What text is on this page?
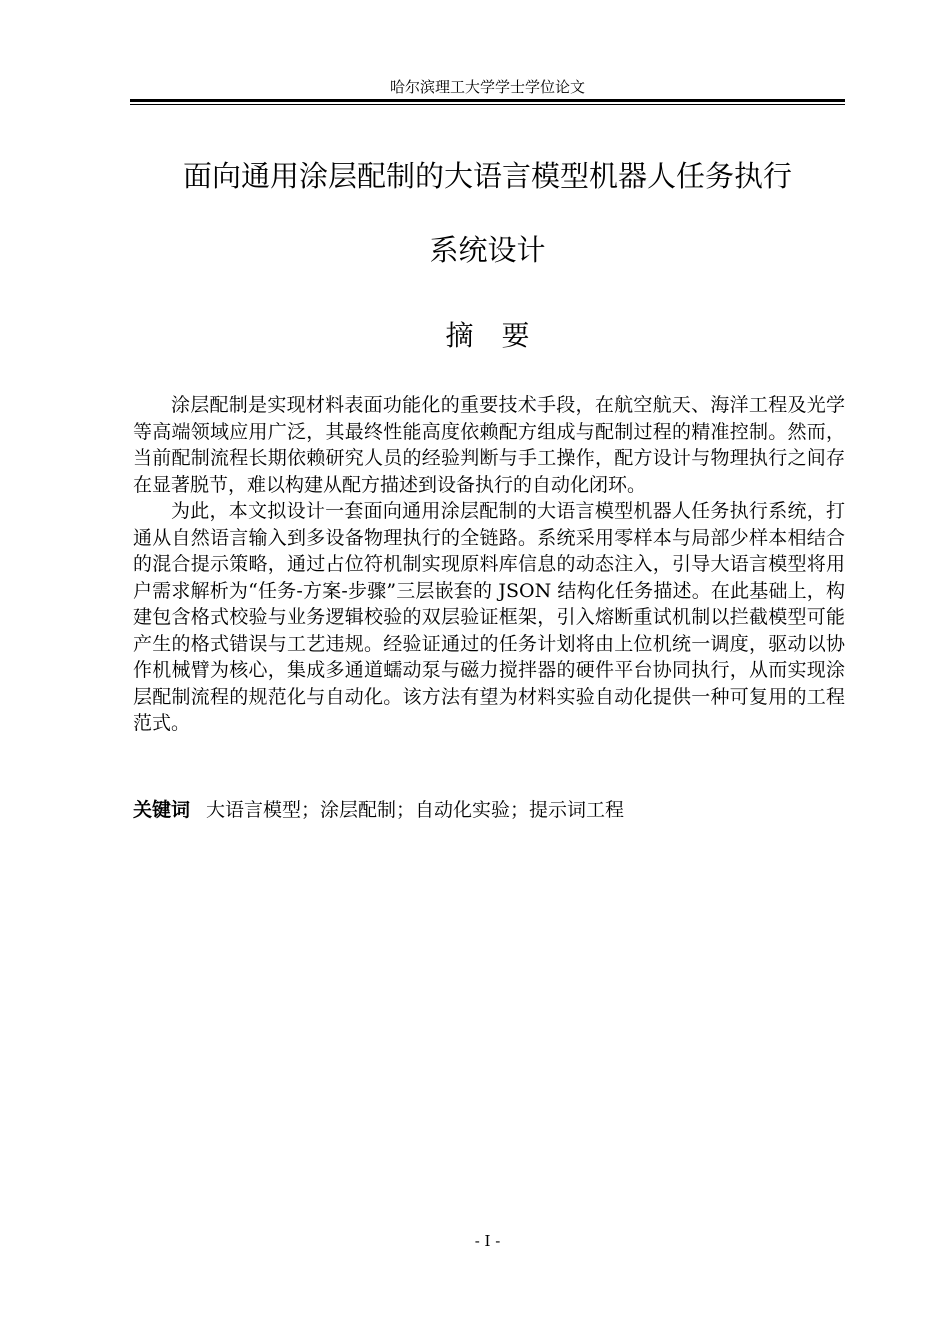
哈尔滨理工大学学士学位论文
面向通用涂层配制的大语言模型机器人任务执行
系统设计
摘要

涂层配制是实现材料表面功能化的重要技术手段，在航空航天、海洋工程及光学等高端领域应用广泛，其最终性能高度依赖配方组成与配制过程的精准控制。然而，当前配制流程长期依赖研究人员的经验判断与手工操作，配方设计与物理执行之间存在显著脱节，难以构建从配方描述到设备执行的自动化闭环。

为此，本文拟设计一套面向通用涂层配制的大语言模型机器人任务执行系统，打通从自然语言输入到多设备物理执行的全链路。系统采用零样本与局部少样本相结合的混合提示策略，通过占位符机制实现原料库信息的动态注入，引导大语言模型将用户需求解析为“任务-方案-步骤”三层嵌套的 JSON 结构化任务描述。在此基础上，构建包含格式校验与业务逻辑校验的双层验证框架，引入熔断重试机制以拦截模型可能产生的格式错误与工艺违规。经验证通过的任务计划将由上位机统一调度，驱动以协作机械臂为核心，集成多通道蠕动泵与磁力搅拌器的硬件平台协同执行，从而实现涂层配制流程的规范化与自动化。该方法有望为材料实验自动化提供一种可复用的工程范式。

关键词 大语言模型；涂层配制；自动化实验；提示词工程
- I -
